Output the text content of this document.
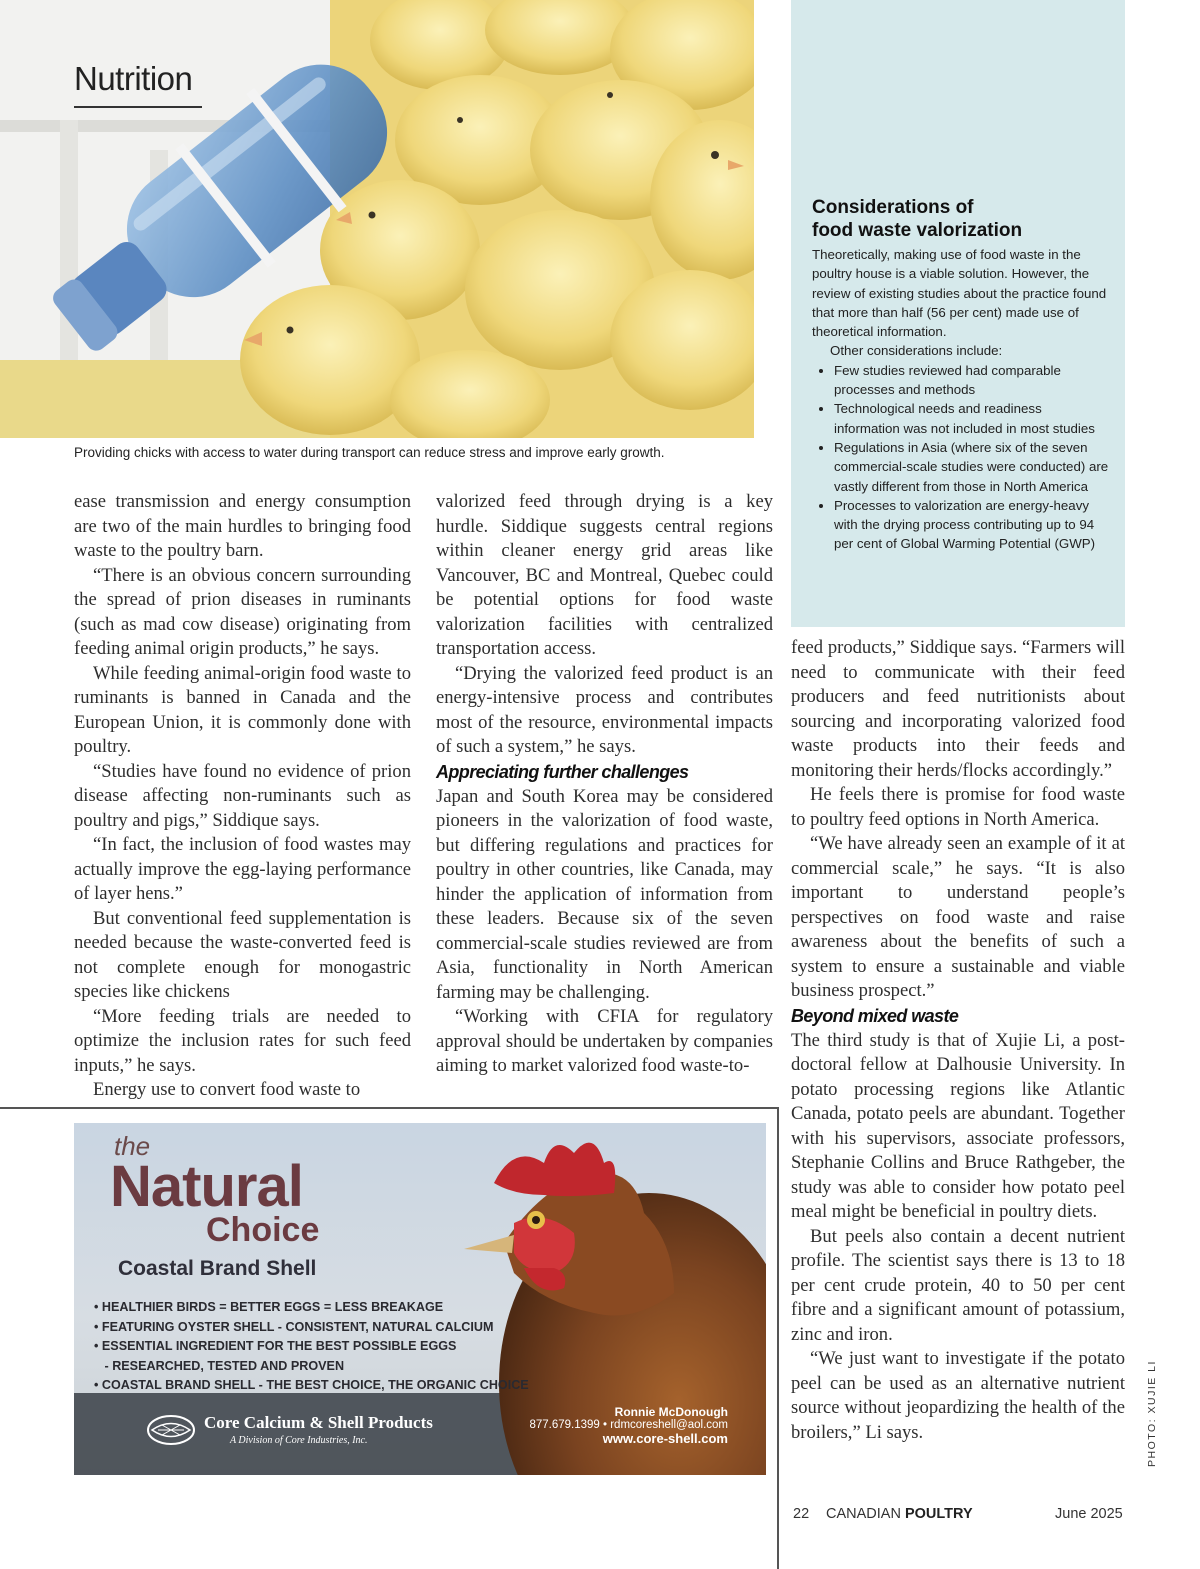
Nutrition

Providing chicks with access to water during transport can reduce stress and improve early growth.

Considerations of
food waste valorization

Theoretically, making use of food waste in the poultry house is a viable solution. However, the review of existing studies about the practice found that more than half (56 per cent) made use of theoretical information.

Other considerations include:

• Few studies reviewed had comparable processes and methods
• Technological needs and readiness information was not included in most studies
• Regulations in Asia (where six of the seven commercial-scale studies were conducted) are vastly different from those in North America
• Processes to valorization are energy-heavy with the drying process contributing up to 94 per cent of Global Warming Potential (GWP)

ease transmission and energy consumption are two of the main hurdles to bringing food waste to the poultry barn.

“There is an obvious concern surrounding the spread of prion diseases in ruminants (such as mad cow disease) originating from feeding animal origin products,” he says.

While feeding animal-origin food waste to ruminants is banned in Canada and the European Union, it is commonly done with poultry.

“Studies have found no evidence of prion disease affecting non-ruminants such as poultry and pigs,” Siddique says.

“In fact, the inclusion of food wastes may actually improve the egg-laying performance of layer hens.”

But conventional feed supplementation is needed because the waste-converted feed is not complete enough for monogastric species like chickens

“More feeding trials are needed to optimize the inclusion rates for such feed inputs,” he says.

Energy use to convert food waste to

valorized feed through drying is a key hurdle. Siddique suggests central regions within cleaner energy grid areas like Vancouver, BC and Montreal, Quebec could be potential options for food waste valorization facilities with centralized transportation access.

“Drying the valorized feed product is an energy-intensive process and contributes most of the resource, environmental impacts of such a system,” he says.

Appreciating further challenges

Japan and South Korea may be considered pioneers in the valorization of food waste, but differing regulations and practices for poultry in other countries, like Canada, may hinder the application of information from these leaders. Because six of the seven commercial-scale studies reviewed are from Asia, functionality in North American farming may be challenging.

“Working with CFIA for regulatory approval should be undertaken by companies aiming to market valorized food waste-to-

feed products,” Siddique says. “Farmers will need to communicate with their feed producers and feed nutritionists about sourcing and incorporating valorized food waste products into their feeds and monitoring their herds/flocks accordingly.”

He feels there is promise for food waste to poultry feed options in North America.

“We have already seen an example of it at commercial scale,” he says. “It is also important to understand people’s perspectives on food waste and raise awareness about the benefits of such a system to ensure a sustainable and viable business prospect.”

Beyond mixed waste

The third study is that of Xujie Li, a post-doctoral fellow at Dalhousie University. In potato processing regions like Atlantic Canada, potato peels are abundant. Together with his supervisors, associate professors, Stephanie Collins and Bruce Rathgeber, the study was able to consider how potato peel meal might be beneficial in poultry diets.

But peels also contain a decent nutrient profile. The scientist says there is 13 to 18 per cent crude protein, 40 to 50 per cent fibre and a significant amount of potassium, zinc and iron.

“We just want to investigate if the potato peel can be used as an alternative nutrient source without jeopardizing the health of the broilers,” Li says.

the
Natural
Choice
Coastal Brand Shell
• HEALTHIER BIRDS = BETTER EGGS = LESS BREAKAGE
• FEATURING OYSTER SHELL - CONSISTENT, NATURAL CALCIUM
• ESSENTIAL INGREDIENT FOR THE BEST POSSIBLE EGGS
- RESEARCHED, TESTED AND PROVEN
• COASTAL BRAND SHELL - THE BEST CHOICE, THE ORGANIC CHOICE
Core Calcium & Shell Products
A Division of Core Industries, Inc.
Ronnie McDonough
877.679.1399 • rdmcoreshell@aol.com
www.core-shell.com	PHOTO: XUJIE LI
22 CANADIAN POULTRY	June 2025
